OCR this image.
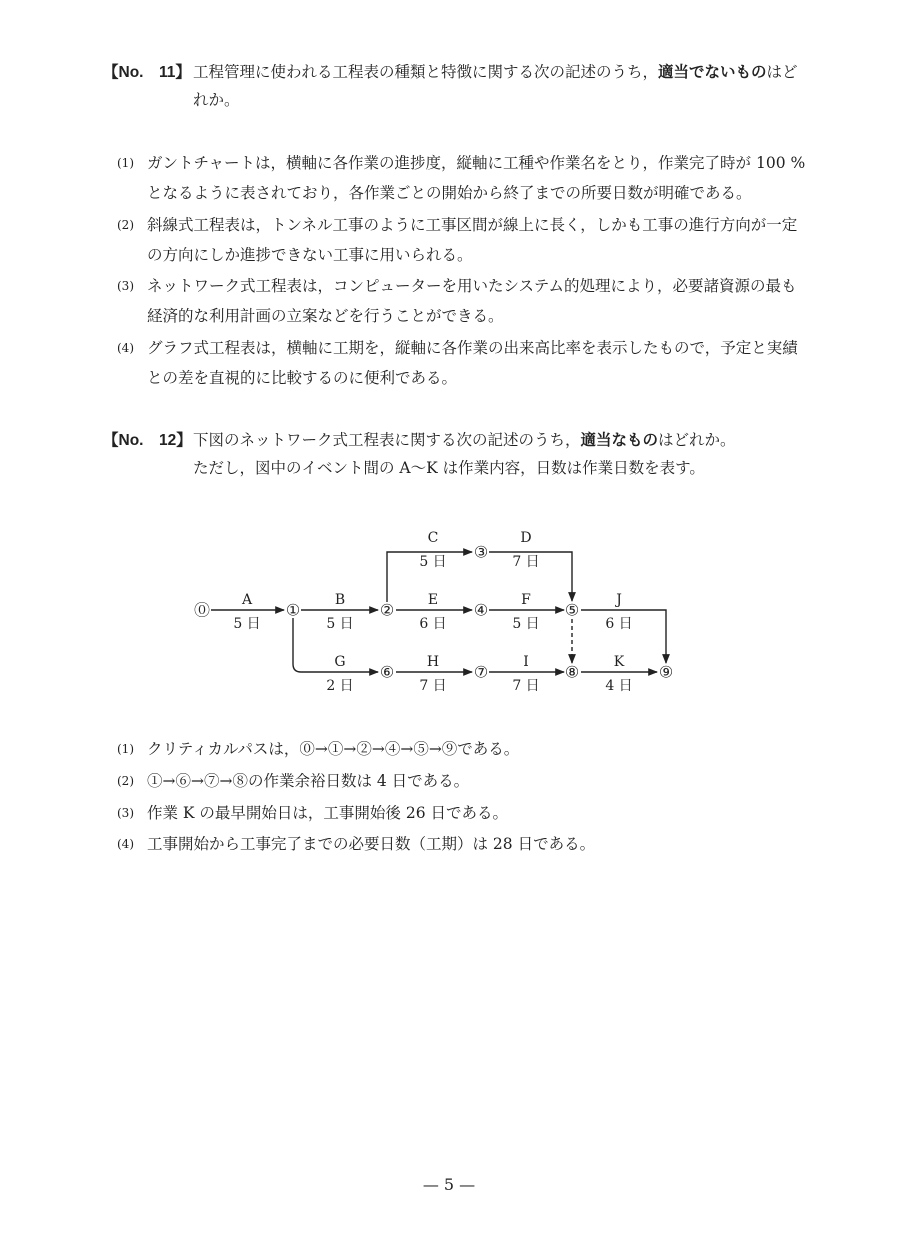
【No.　11】 工程管理に使われる工程表の種類と特徴に関する次の記述のうち，適当でないものはどれか。
(1) ガントチャートは，横軸に各作業の進捗度，縦軸に工種や作業名をとり，作業完了時が 100 % となるように表されており，各作業ごとの開始から終了までの所要日数が明確である。
(2) 斜線式工程表は，トンネル工事のように工事区間が線上に長く，しかも工事の進行方向が一定の方向にしか進捗できない工事に用いられる。
(3) ネットワーク式工程表は，コンピューターを用いたシステム的処理により，必要諸資源の最も経済的な利用計画の立案などを行うことができる。
(4) グラフ式工程表は，横軸に工期を，縦軸に各作業の出来高比率を表示したもので，予定と実績との差を直視的に比較するのに便利である。
【No.　12】 下図のネットワーク式工程表に関する次の記述のうち，適当なものはどれか。
ただし，図中のイベント間の A～K は作業内容，日数は作業日数を表す。
⓪	①	②
③
④	⑤
⑥	⑦	⑧	⑨
A
5 日
B
5 日
C
5 日
D
7 日
E
6 日
F
5 日
J
6 日
G
2 日
H
7 日
I
7 日
K
4 日
(1) クリティカルパスは，⓪→①→②→④→⑤→⑨である。
(2) ①→⑥→⑦→⑧の作業余裕日数は 4 日である。
(3) 作業 K の最早開始日は，工事開始後 26 日である。
(4) 工事開始から工事完了までの必要日数（工期）は 28 日である。
— 5 —
